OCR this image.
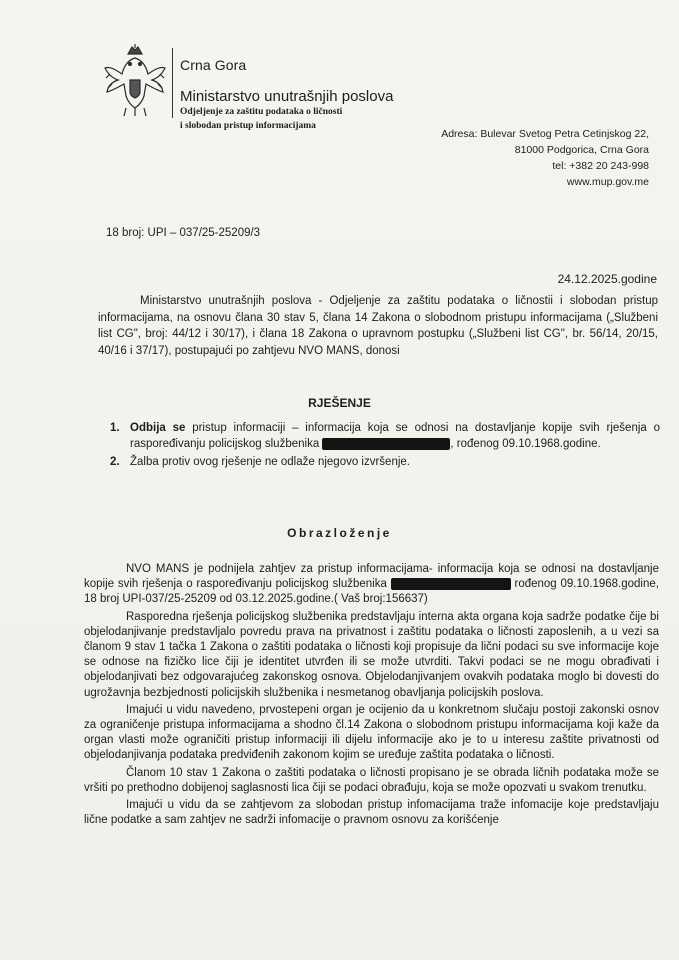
Crna Gora
Ministarstvo unutrašnjih poslova
Odjeljenje za zaštitu podataka o ličnosti
i slobodan pristup informacijama
Adresa: Bulevar Svetog Petra Cetinjskog 22,
81000 Podgorica, Crna Gora
tel: +382 20 243-998
www.mup.gov.me
18 broj: UPI – 037/25-25209/3
24.12.2025.godine

Ministarstvo unutrašnjih poslova - Odjeljenje za zaštitu podataka o ličnostii i slobodan pristup informacijama, na osnovu člana 30 stav 5, člana 14 Zakona o slobodnom pristupu informacijama („Službeni list CG", broj: 44/12 i 30/17), i člana 18 Zakona o upravnom postupku („Službeni list CG", br. 56/14, 20/15, 40/16 i 37/17), postupajući po zahtjevu NVO MANS, donosi

RJEŠENJE
1. Odbija se pristup informaciji – informacija koja se odnosi na dostavljanje kopije svih rješenja o raspoređivanju policijskog službenika	, rođenog 09.10.1968.godine.
2. Žalba protiv ovog rješenje ne odlaže njegovo izvršenje.
Obrazloženje

NVO MANS je podnijela zahtjev za pristup informacijama- informacija koja se odnosi na dostavljanje kopije svih rješenja o raspoređivanju policijskog službenika	rođenog 09.10.1968.godine, 18 broj UPI-037/25-25209 od 03.12.2025.godine.( Vaš broj:156637)

Rasporedna rješenja policijskog službenika predstavljaju interna akta organa koja sadrže podatke čije bi objelodanjivanje predstavljalo povredu prava na privatnost i zaštitu podataka o ličnosti zaposlenih, a u vezi sa članom 9 stav 1 tačka 1 Zakona o zaštiti podataka o ličnosti koji propisuje da lični podaci su sve informacije koje se odnose na fizičko lice čiji je identitet utvrđen ili se može utvrditi. Takvi podaci se ne mogu obrađivati i objelodanjivati bez odgovarajućeg zakonskog osnova. Objelodanjivanjem ovakvih podataka moglo bi dovesti do ugrožavnja bezbjednosti policijskih službenika i nesmetanog obavljanja policijskih poslova.

Imajući u vidu navedeno, prvostepeni organ je ocijenio da u konkretnom slučaju postoji zakonski osnov za ograničenje pristupa informacijama a shodno čl.14 Zakona o slobodnom pristupu informacijama koji kaže da organ vlasti može ograničiti pristup informaciji ili dijelu informacije ako je to u interesu zaštite privatnosti od objelodanjivanja podataka predviđenih zakonom kojim se uređuje zaštita podataka o ličnosti.

Članom 10 stav 1 Zakona o zaštiti podataka o ličnosti propisano je se obrada ličnih podataka može se vršiti po prethodno dobijenoj saglasnosti lica čiji se podaci obrađuju, koja se može opozvati u svakom trenutku.

Imajući u vidu da se zahtjevom za slobodan pristup infomacijama traže infomacije koje predstavljaju lične podatke a sam zahtjev ne sadrži infomacije o pravnom osnovu za korišćenje
